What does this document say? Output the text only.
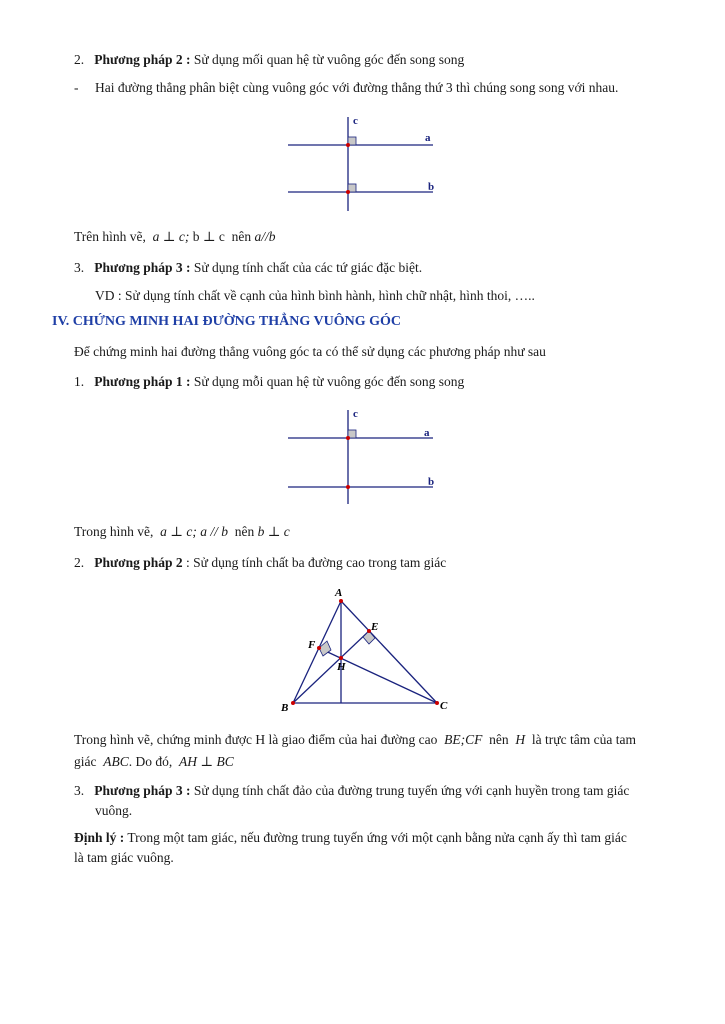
2. Phương pháp 2 : Sử dụng mối quan hệ từ vuông góc đến song song
- Hai đường thẳng phân biệt cùng vuông góc với đường thẳng thứ 3 thì chúng song song với nhau.
c
a
b
Trên hình vẽ, a ⊥ c; b ⊥ c nên a//b
3. Phương pháp 3 : Sử dụng tính chất của các tứ giác đặc biệt.
VD : Sử dụng tính chất về cạnh của hình bình hành, hình chữ nhật, hình thoi, …..
IV. CHỨNG MINH HAI ĐƯỜNG THẲNG VUÔNG GÓC
Để chứng minh hai đường thẳng vuông góc ta có thể sử dụng các phương pháp như sau
1. Phương pháp 1 : Sử dụng mỗi quan hệ từ vuông góc đến song song
c
a
b
Trong hình vẽ, a ⊥ c; a // b nên b ⊥ c
2. Phương pháp 2 : Sử dụng tính chất ba đường cao trong tam giác
A
B	C
E
F
H
Trong hình vẽ, chứng minh được H là giao điểm của hai đường cao BE;CF nên H là trực tâm của tam
giác ABC. Do đó, AH ⊥ BC
3. Phương pháp 3 : Sử dụng tính chất đảo của đường trung tuyến ứng với cạnh huyền trong tam giác
vuông.
Định lý : Trong một tam giác, nếu đường trung tuyến ứng với một cạnh bằng nửa cạnh ấy thì tam giác
là tam giác vuông.
